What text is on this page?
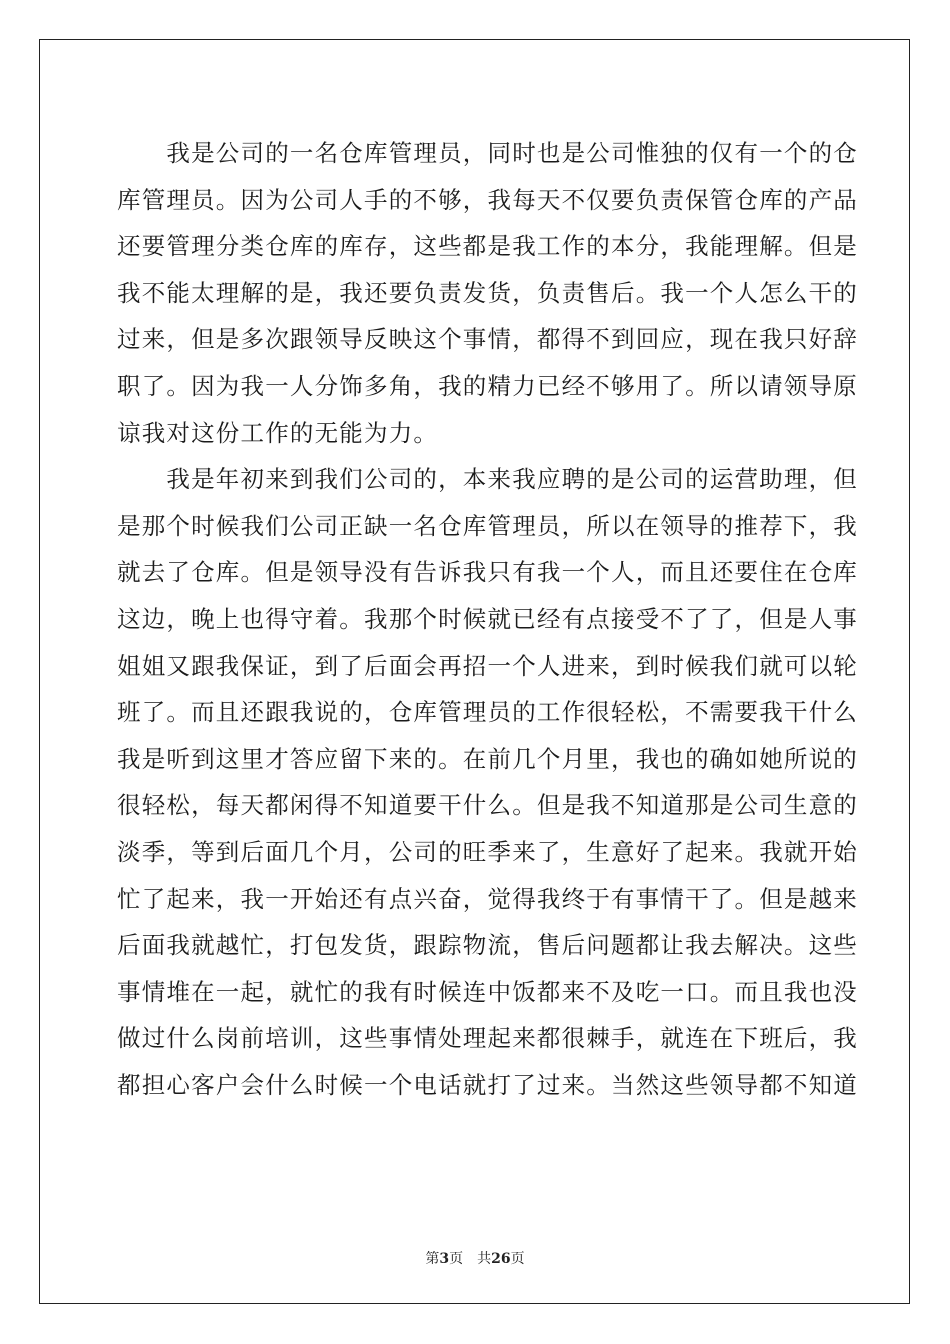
　　我是公司的一名仓库管理员，同时也是公司惟独的仅有一个的仓
库管理员。因为公司人手的不够，我每天不仅要负责保管仓库的产品
还要管理分类仓库的库存，这些都是我工作的本分，我能理解。但是
我不能太理解的是，我还要负责发货，负责售后。我一个人怎么干的
过来，但是多次跟领导反映这个事情，都得不到回应，现在我只好辞
职了。因为我一人分饰多角，我的精力已经不够用了。所以请领导原
谅我对这份工作的无能为力。
　　我是年初来到我们公司的，本来我应聘的是公司的运营助理，但
是那个时候我们公司正缺一名仓库管理员，所以在领导的推荐下，我
就去了仓库。但是领导没有告诉我只有我一个人，而且还要住在仓库
这边，晚上也得守着。我那个时候就已经有点接受不了了，但是人事
姐姐又跟我保证，到了后面会再招一个人进来，到时候我们就可以轮
班了。而且还跟我说的，仓库管理员的工作很轻松，不需要我干什么
我是听到这里才答应留下来的。在前几个月里，我也的确如她所说的
很轻松，每天都闲得不知道要干什么。但是我不知道那是公司生意的
淡季，等到后面几个月，公司的旺季来了，生意好了起来。我就开始
忙了起来，我一开始还有点兴奋，觉得我终于有事情干了。但是越来
后面我就越忙，打包发货，跟踪物流，售后问题都让我去解决。这些
事情堆在一起，就忙的我有时候连中饭都来不及吃一口。而且我也没
做过什么岗前培训，这些事情处理起来都很棘手，就连在下班后，我
都担心客户会什么时候一个电话就打了过来。当然这些领导都不知道
第3页　共26页
